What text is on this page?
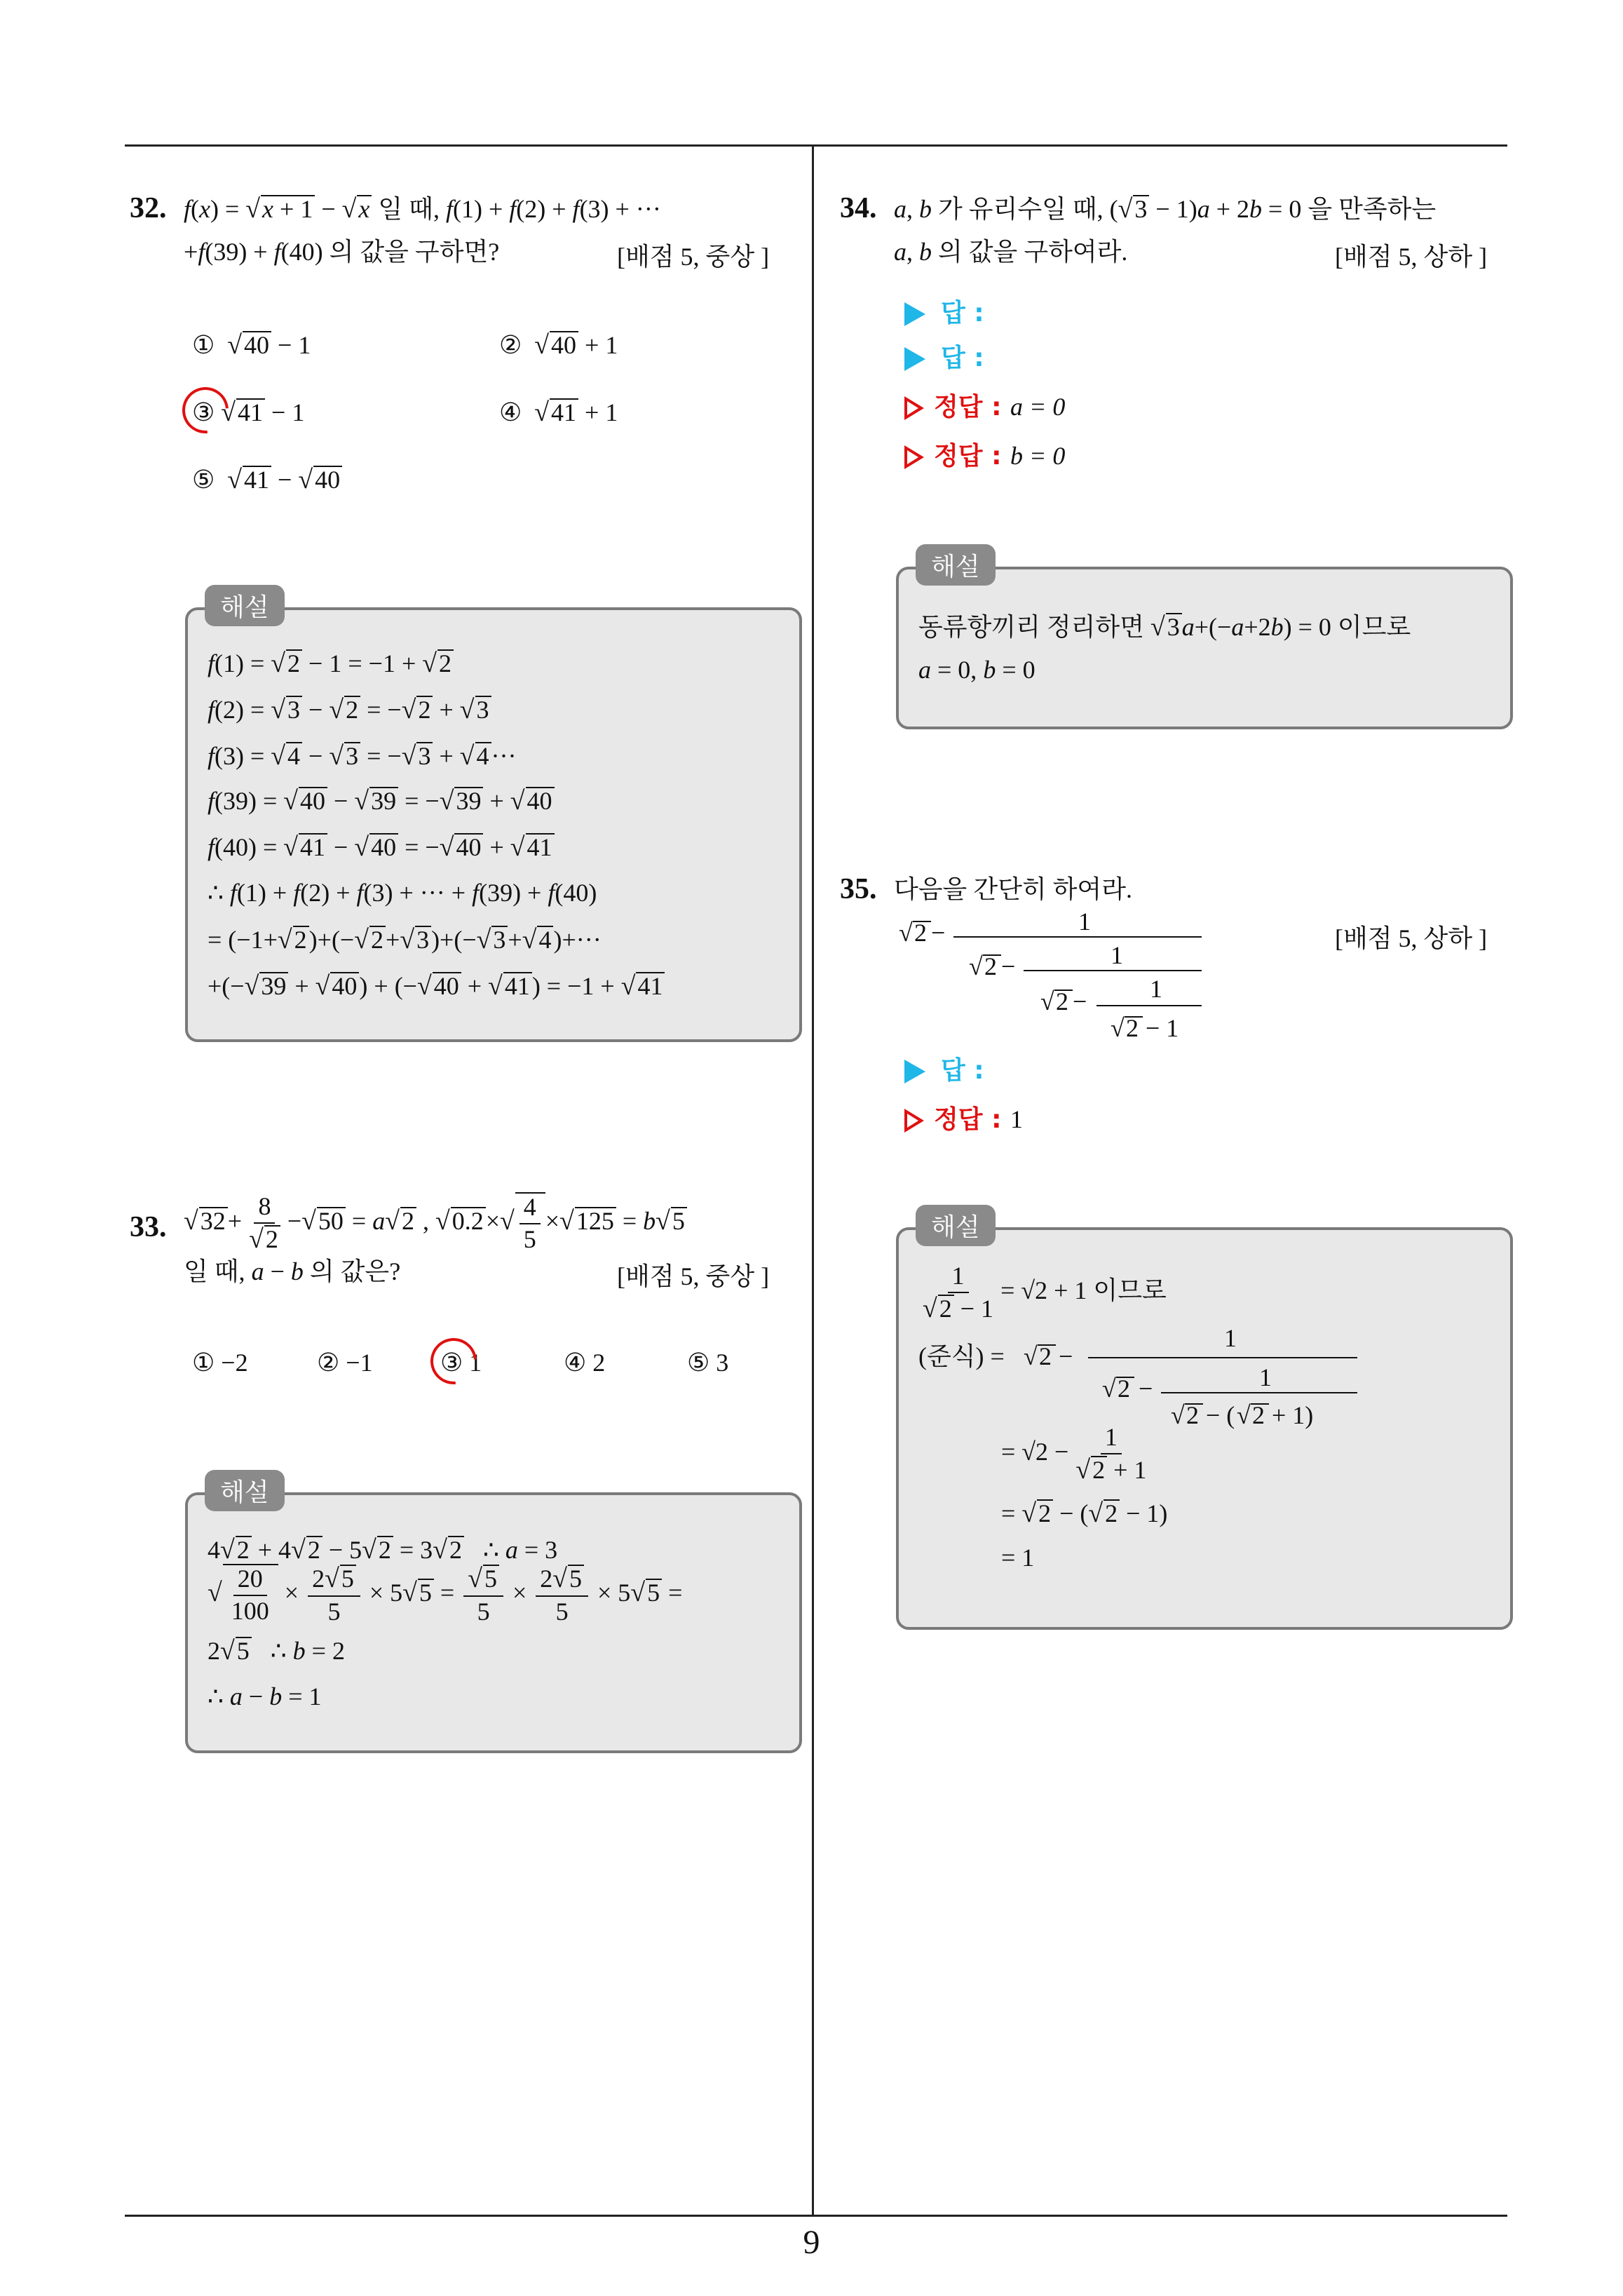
9
32. f(x) = √x + 1 − √x 일 때, f(1) + f(2) + f(3) + ···
+f(39) + f(40) 의 값을 구하면?	[배점 5, 중상 ]
①  √40 − 1	②  √40 + 1
③ √41 − 1	④  √41 + 1
⑤  √41 − √40
해설
f(1) = √2 − 1 = −1 + √2
f(2) = √3 − √2 = −√2 + √3
f(3) = √4 − √3 = −√3 + √4···
f(39) = √40 − √39 = −√39 + √40
f(40) = √41 − √40 = −√40 + √41
∴ f(1) + f(2) + f(3) + ··· + f(39) + f(40)
= (−1+√2)+(−√2+√3)+(−√3+√4)+···
+(−√39 + √40) + (−√40 + √41) = −1 + √41
33. $√32+ \frac{8}{√2} -√50 = a√2$ , $√0.2\times√ \frac{4}{5} \times√125 = b√5$
일 때, a − b 의 값은?	[배점 5, 중상 ]
① −2	② −1	③ 1	④ 2	⑤ 3
해설
4√2 + 4√2 − 5√2 = 3√2   ∴ a = 3
√ $\frac{20}{100} \times \frac{2√5}{5} \times 5√5 = \frac{√5}{5} \times \frac{2√5}{5} \times 5√5$ =
2√5   ∴ b = 2
∴ a − b = 1
34. a, b 가 유리수일 때, (√3 − 1)a + 2b = 0 을 만족하는
a, b 의 값을 구하여라.	[배점 5, 상하 ]
답 :
답 :
정답 : a = 0
정답 : b = 0
해설
동류항끼리 정리하면 √3a+(−a+2b) = 0 이므로
a = 0, b = 0
35. 다음을 간단히 하여라.
√ 2 −	1
√ 2 −	1
√ 2 − 1
√ 2 − 1
[배점 5, 상하 ]
답 :
정답 : 1
해설
$\frac{1}{√2 - 1} = √2 + 1$ 이므로
(준식) = √ 2 −
1
√ 2 −	1
√ 2 − ( √ 2 + 1)
= $√2 - \frac{1}{√2 + 1}$
= √2 − (√2 − 1)
= 1
